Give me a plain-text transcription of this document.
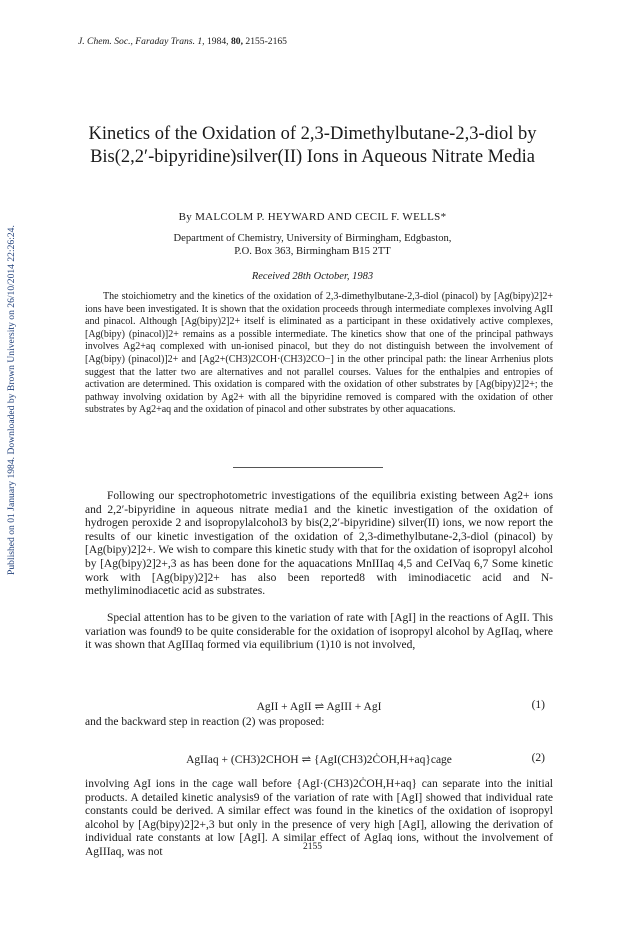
Published on 01 January 1984. Downloaded by Brown University on 26/10/2014 22:26:24.
J. Chem. Soc., Faraday Trans. 1, 1984, 80, 2155-2165
Kinetics of the Oxidation of 2,3-Dimethylbutane-2,3-diol by Bis(2,2′-bipyridine)silver(II) Ions in Aqueous Nitrate Media
By MALCOLM P. HEYWARD AND CECIL F. WELLS*
Department of Chemistry, University of Birmingham, Edgbaston,
P.O. Box 363, Birmingham B15 2TT
Received 28th October, 1983

The stoichiometry and the kinetics of the oxidation of 2,3-dimethylbutane-2,3-diol (pinacol) by [Ag(bipy)2]2+ ions have been investigated. It is shown that the oxidation proceeds through intermediate complexes involving AgII and pinacol. Although [Ag(bipy)2]2+ itself is eliminated as a participant in these oxidatively active complexes, [Ag(bipy) (pinacol)]2+ remains as a possible intermediate. The kinetics show that one of the principal pathways involves Ag2+aq complexed with un-ionised pinacol, but they do not distinguish between the involvement of [Ag(bipy) (pinacol)]2+ and [Ag2+(CH3)2COH·(CH3)2CO−] in the other principal path: the linear Arrhenius plots suggest that the latter two are alternatives and not parallel courses. Values for the enthalpies and entropies of activation are determined. This oxidation is compared with the oxidation of other substrates by [Ag(bipy)2]2+; the pathway involving oxidation by Ag2+ with all the bipyridine removed is compared with the oxidation of other substrates by Ag2+aq and the oxidation of pinacol and other substrates by other aquacations.

Following our spectrophotometric investigations of the equilibria existing between Ag2+ ions and 2,2′-bipyridine in aqueous nitrate media1 and the kinetic investigation of the oxidation of hydrogen peroxide 2 and isopropylalcohol3 by bis(2,2′-bipyridine) silver(II) ions, we now report the results of our kinetic investigation of the oxidation of 2,3-dimethylbutane-2,3-diol (pinacol) by [Ag(bipy)2]2+. We wish to compare this kinetic study with that for the oxidation of isopropyl alcohol by [Ag(bipy)2]2+,3 as has been done for the aquacations MnIIIaq 4,5 and CeIVaq 6,7 Some kinetic work with [Ag(bipy)2]2+ has also been reported8 with iminodiacetic acid and N-methyliminodiacetic acid as substrates.

Special attention has to be given to the variation of rate with [AgI] in the reactions of AgII. This variation was found9 to be quite considerable for the oxidation of isopropyl alcohol by AgIIaq, where it was shown that AgIIIaq formed via equilibrium (1)10 is not involved,

AgII + AgII ⇌ AgIII + AgI	(1)

and the backward step in reaction (2) was proposed:

AgIIaq + (CH3)2CHOH ⇌ {AgI(CH3)2ĊOH,H+aq}cage	(2)

involving AgI ions in the cage wall before {AgI·(CH3)2ĊOH,H+aq} can separate into the initial products. A detailed kinetic analysis9 of the variation of rate with [AgI] showed that individual rate constants could be derived. A similar effect was found in the kinetics of the oxidation of isopropyl alcohol by [Ag(bipy)2]2+,3 but only in the presence of very high [AgI], allowing the derivation of individual rate constants at low [AgI]. A similar effect of AgIaq ions, without the involvement of AgIIIaq, was not	2155
